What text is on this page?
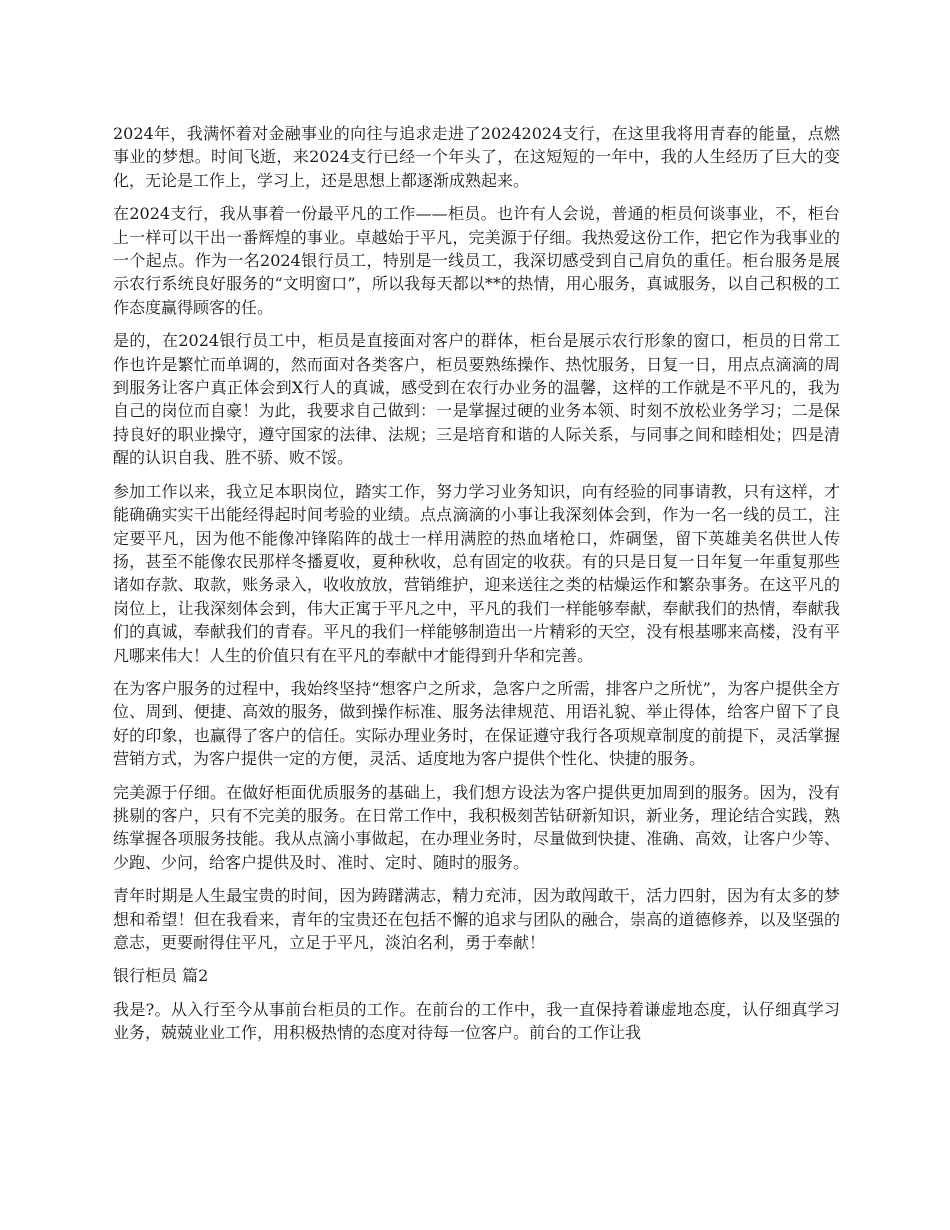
2024年，我满怀着对金融事业的向往与追求走进了20242024支行，在这里我将用青春的能量，点燃事业的梦想。时间飞逝，来2024支行已经一个年头了，在这短短的一年中，我的人生经历了巨大的变化，无论是工作上，学习上，还是思想上都逐渐成熟起来。

在2024支行，我从事着一份最平凡的工作——柜员。也许有人会说，普通的柜员何谈事业，不，柜台上一样可以干出一番辉煌的事业。卓越始于平凡，完美源于仔细。我热爱这份工作，把它作为我事业的一个起点。作为一名2024银行员工，特别是一线员工，我深切感受到自己肩负的重任。柜台服务是展示农行系统良好服务的“文明窗口”，所以我每天都以**的热情，用心服务，真诚服务，以自己积极的工作态度赢得顾客的任。

是的，在2024银行员工中，柜员是直接面对客户的群体，柜台是展示农行形象的窗口，柜员的日常工作也许是繁忙而单调的，然而面对各类客户，柜员要熟练操作、热忱服务，日复一日，用点点滴滴的周到服务让客户真正体会到X行人的真诚，感受到在农行办业务的温馨，这样的工作就是不平凡的，我为自己的岗位而自豪！为此，我要求自己做到：一是掌握过硬的业务本领、时刻不放松业务学习；二是保持良好的职业操守，遵守国家的法律、法规；三是培育和谐的人际关系，与同事之间和睦相处；四是清醒的认识自我、胜不骄、败不馁。

参加工作以来，我立足本职岗位，踏实工作，努力学习业务知识，向有经验的同事请教，只有这样，才能确确实实干出能经得起时间考验的业绩。点点滴滴的小事让我深刻体会到，作为一名一线的员工，注定要平凡，因为他不能像冲锋陷阵的战士一样用满腔的热血堵枪口，炸碉堡，留下英雄美名供世人传扬，甚至不能像农民那样冬播夏收，夏种秋收，总有固定的收获。有的只是日复一日年复一年重复那些诸如存款、取款，账务录入，收收放放，营销维护，迎来送往之类的枯燥运作和繁杂事务。在这平凡的岗位上，让我深刻体会到，伟大正寓于平凡之中，平凡的我们一样能够奉献，奉献我们的热情，奉献我们的真诚，奉献我们的青春。平凡的我们一样能够制造出一片精彩的天空，没有根基哪来高楼，没有平凡哪来伟大！人生的价值只有在平凡的奉献中才能得到升华和完善。

在为客户服务的过程中，我始终坚持“想客户之所求，急客户之所需，排客户之所忧”，为客户提供全方位、周到、便捷、高效的服务，做到操作标准、服务法律规范、用语礼貌、举止得体，给客户留下了良好的印象，也赢得了客户的信任。实际办理业务时，在保证遵守我行各项规章制度的前提下，灵活掌握营销方式，为客户提供一定的方便，灵活、适度地为客户提供个性化、快捷的服务。

完美源于仔细。在做好柜面优质服务的基础上，我们想方设法为客户提供更加周到的服务。因为，没有挑剔的客户，只有不完美的服务。在日常工作中，我积极刻苦钻研新知识，新业务，理论结合实践，熟练掌握各项服务技能。我从点滴小事做起，在办理业务时，尽量做到快捷、准确、高效，让客户少等、少跑、少问，给客户提供及时、准时、定时、随时的服务。

青年时期是人生最宝贵的时间，因为踌躇满志，精力充沛，因为敢闯敢干，活力四射，因为有太多的梦想和希望！但在我看来，青年的宝贵还在包括不懈的追求与团队的融合，崇高的道德修养，以及坚强的意志，更要耐得住平凡，立足于平凡，淡泊名利，勇于奉献！

银行柜员 篇2

我是?。从入行至今从事前台柜员的工作。在前台的工作中，我一直保持着谦虚地态度，认仔细真学习业务，兢兢业业工作，用积极热情的态度对待每一位客户。前台的工作让我
